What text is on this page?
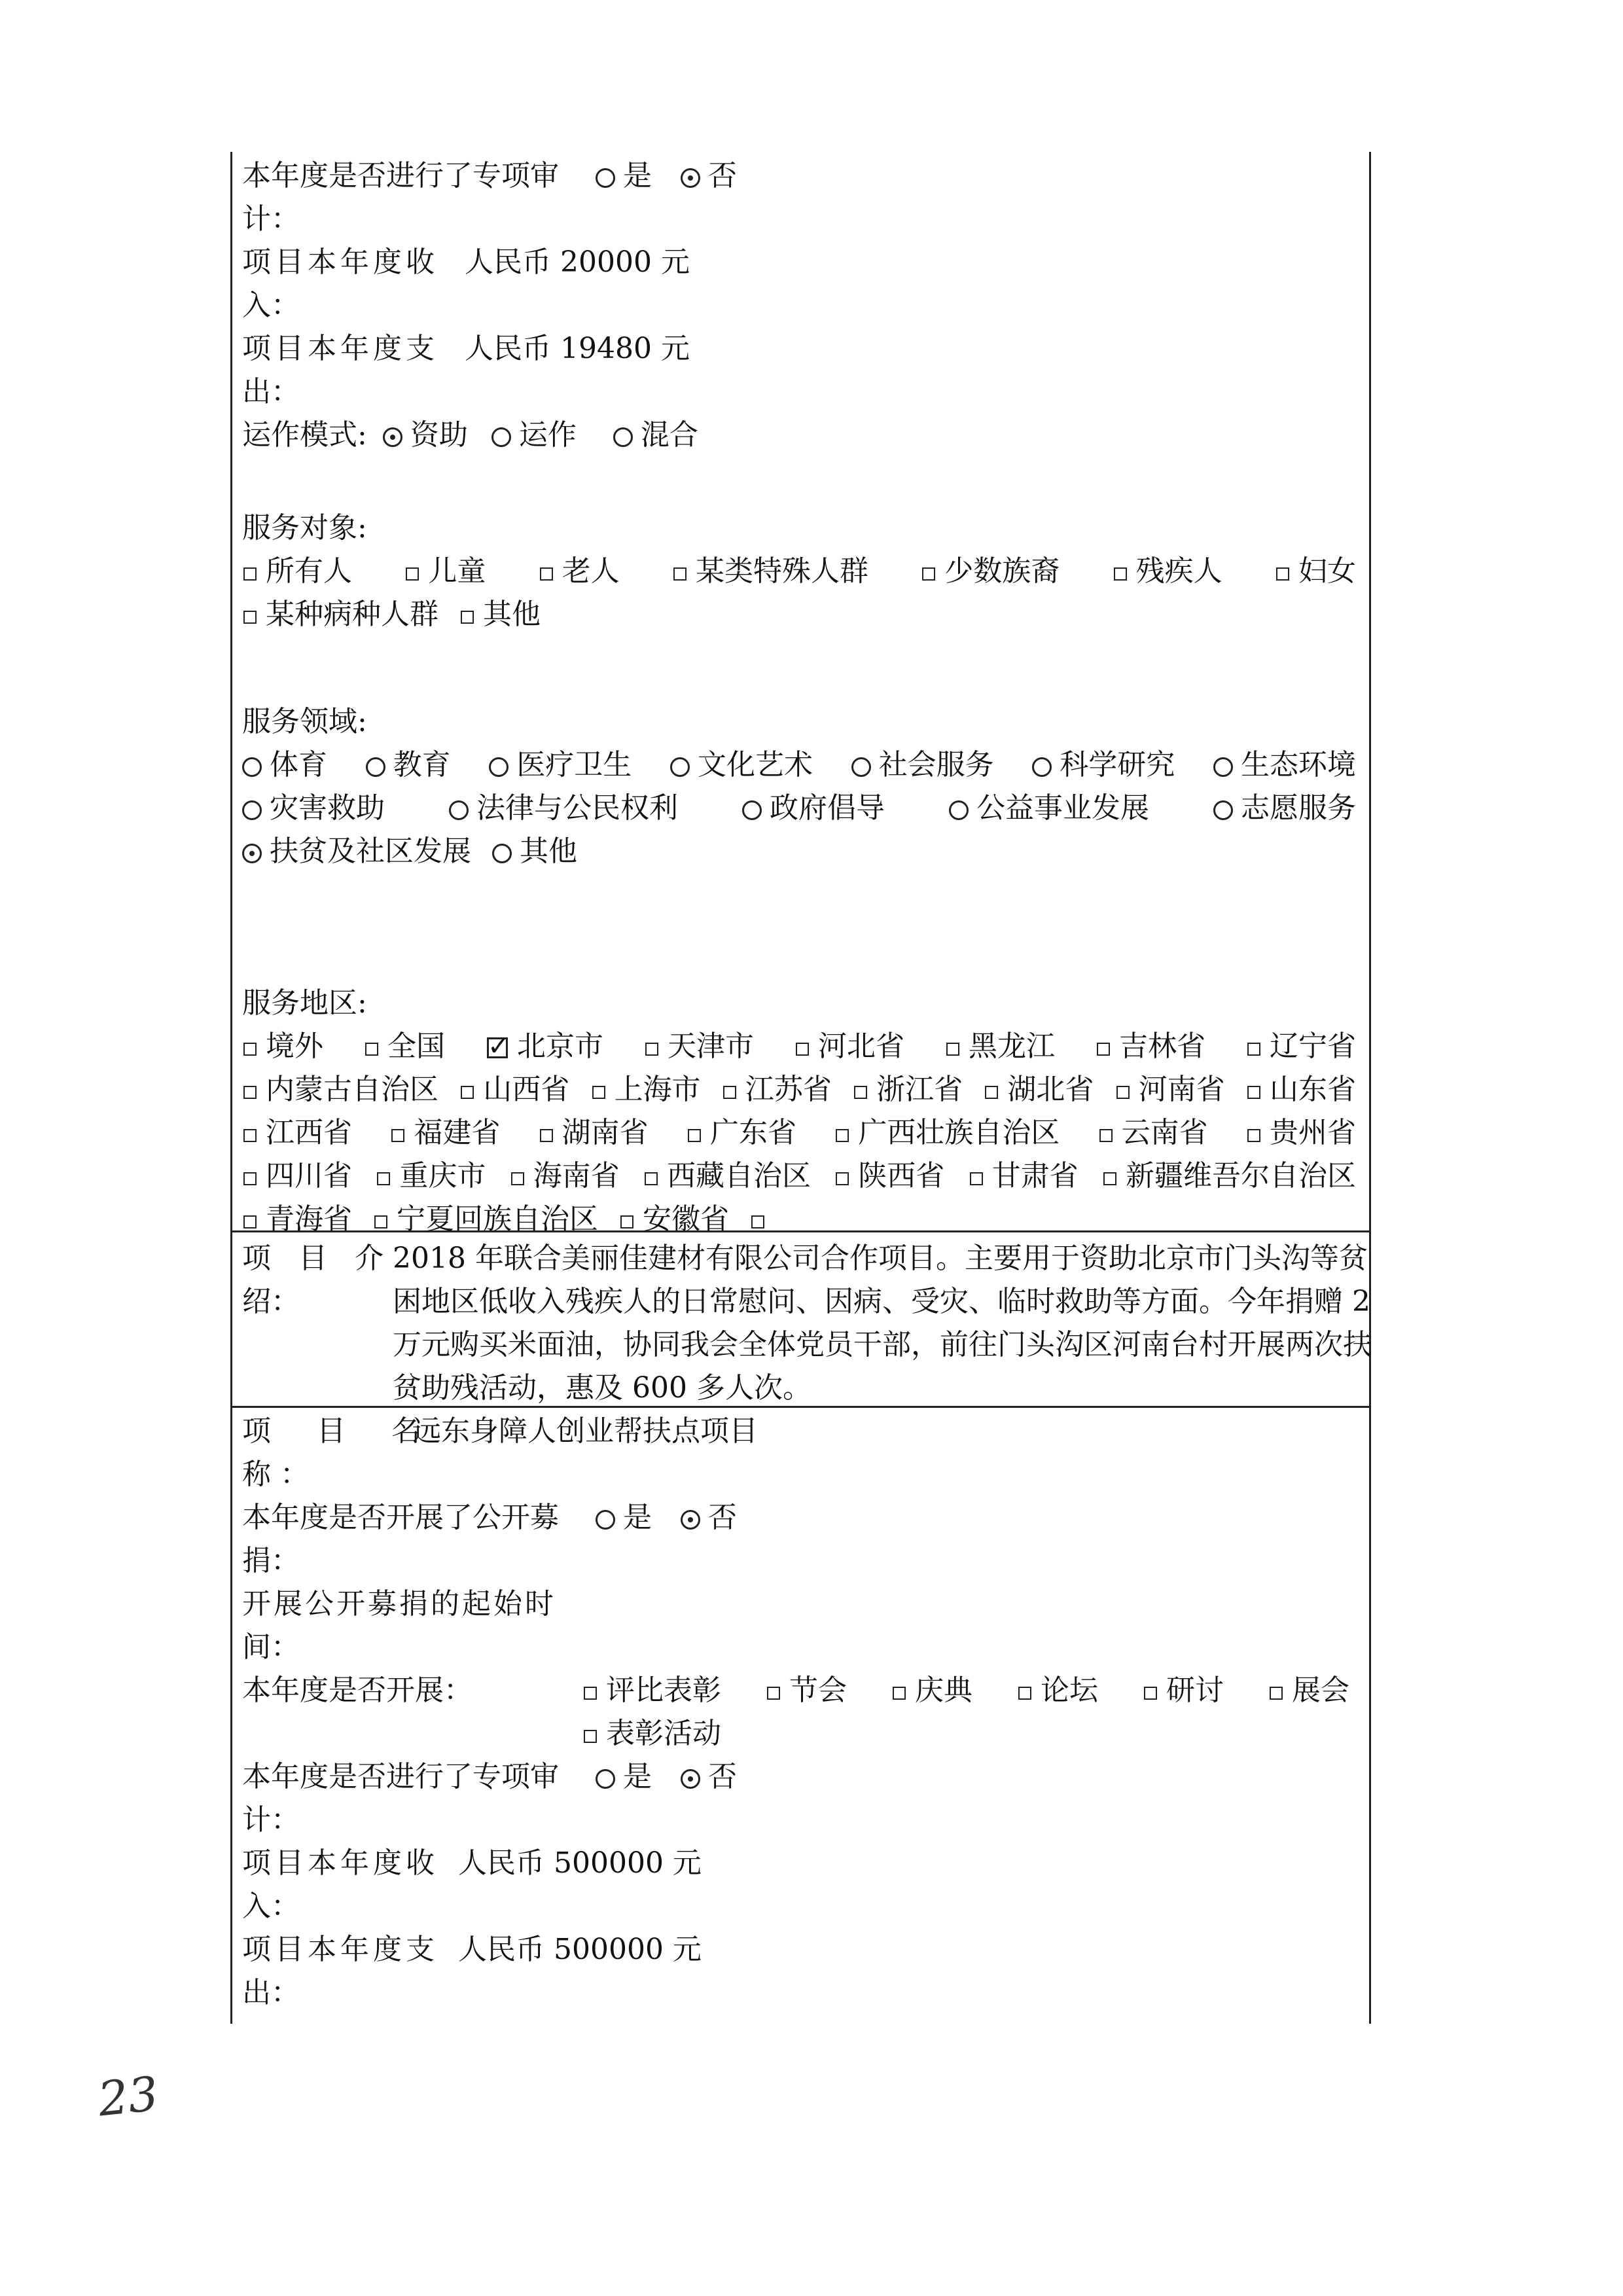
本年度是否进行了专项审	是 否
计：
项目本年度收 人民币 20000 元
入：
项目本年度支 人民币 19480 元
出：
运作模式: 资助 运作 混合
服务对象:
所有人	儿童	老人	某类特殊人群	少数族裔	残疾人	妇女 某种病种人群 其他
服务领域:
体育 教育 医疗卫生 文化艺术 社会服务 科学研究 生态环境 灾害救助	法律与公民权利	政府倡导	公益事业发展	志愿服务 扶贫及社区发展 其他
服务地区:
境外 全国 ✓	北京市 天津市 河北省 黑龙江 吉林省 辽宁省 内蒙古自治区 山西省 上海市 江苏省 浙江省 湖北省 河南省 山东省 江西省 福建省 湖南省 广东省 广西壮族自治区 云南省 贵州省 四川省 重庆市 海南省 西藏自治区 陕西省 甘肃省 新疆维吾尔自治区 青海省 宁夏回族自治区 安徽省
项 目 介
绍：
2018 年联合美丽佳建材有限公司合作项目。主要用于资助北京市门头沟等贫
困地区低收入残疾人的日常慰问、因病、受灾、临时救助等方面。今年捐赠 2
万元购买米面油，协同我会全体党员干部，前往门头沟区河南台村开展两次扶
贫助残活动，惠及 600 多人次。
项 目 名
远东身障人创业帮扶点项目
称 ：
本年度是否开展了公开募	是 否
捐：
开展公开募捐的起始时
间：
本年度是否开展：	评比表彰 节会 庆典 论坛 研讨 展会 表彰活动
本年度是否进行了专项审	是 否
计：
项目本年度收 人民币 500000 元
入：
项目本年度支 人民币 500000 元
出：
23
